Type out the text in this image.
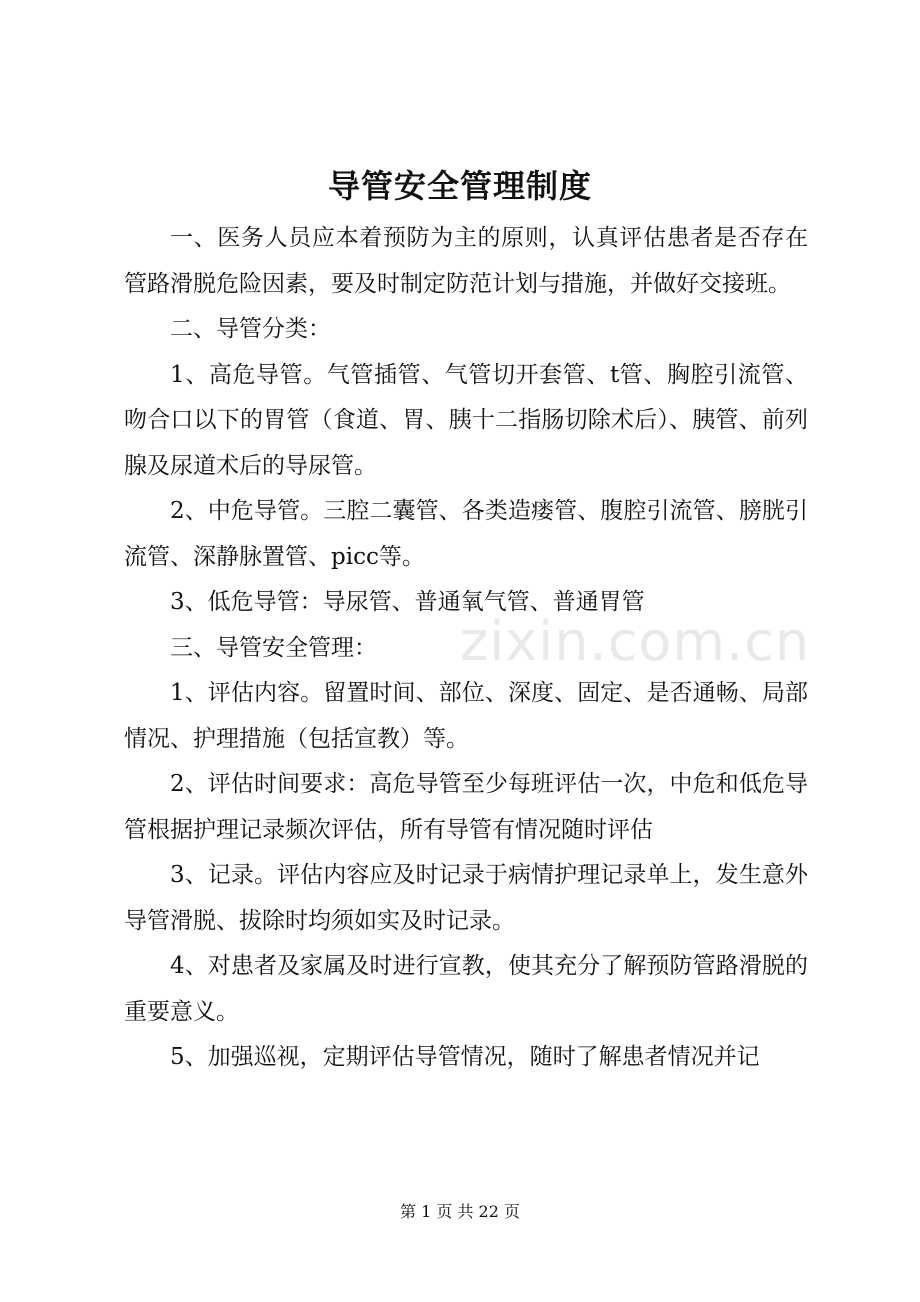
导管安全管理制度

一、医务人员应本着预防为主的原则，认真评估患者是否存在管路滑脱危险因素，要及时制定防范计划与措施，并做好交接班。

二、导管分类：

1、高危导管。气管插管、气管切开套管、t管、胸腔引流管、吻合口以下的胃管（食道、胃、胰十二指肠切除术后）、胰管、前列腺及尿道术后的导尿管。

2、中危导管。三腔二囊管、各类造瘘管、腹腔引流管、膀胱引流管、深静脉置管、picc等。

3、低危导管：导尿管、普通氧气管、普通胃管

三、导管安全管理：

1、评估内容。留置时间、部位、深度、固定、是否通畅、局部情况、护理措施（包括宣教）等。

2、评估时间要求：高危导管至少每班评估一次，中危和低危导管根据护理记录频次评估，所有导管有情况随时评估

3、记录。评估内容应及时记录于病情护理记录单上，发生意外导管滑脱、拔除时均须如实及时记录。

4、对患者及家属及时进行宣教，使其充分了解预防管路滑脱的重要意义。

5、加强巡视，定期评估导管情况，随时了解患者情况并记

zixin.com.cn
第 1 页 共 22 页
